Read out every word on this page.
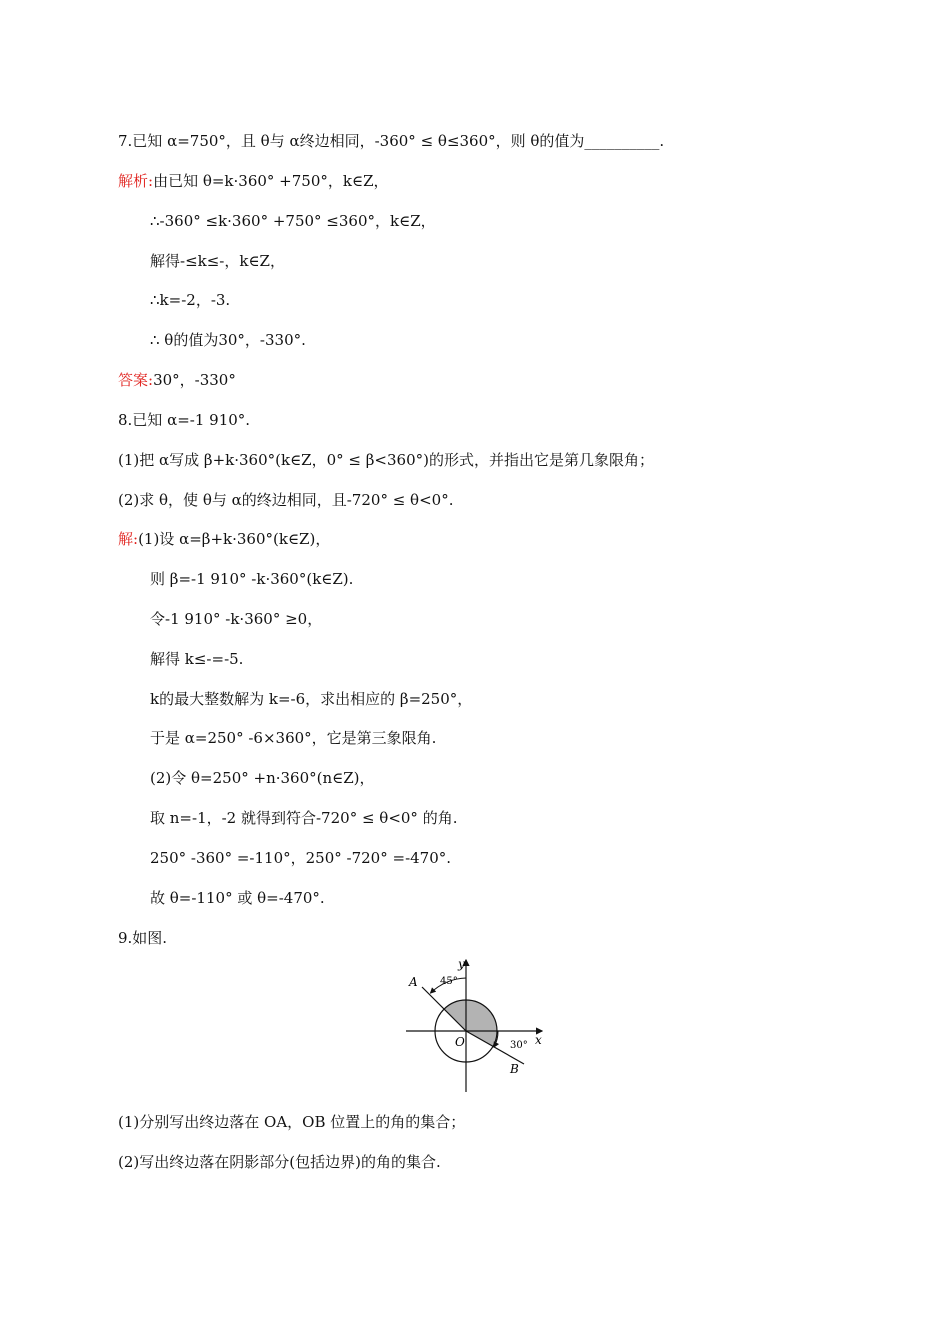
7.已知 α=750°，且 θ与 α终边相同，-360° ≤ θ≤360°，则 θ的值为__________.
解析:由已知 θ=k·360° +750°，k∈Z，
∴-360° ≤k·360° +750° ≤360°，k∈Z，
解得-≤k≤-，k∈Z，
∴k=-2，-3.
∴ θ的值为30°，-330°.
答案:30°，-330°
8.已知 α=-1 910°.
(1)把 α写成 β+k·360°(k∈Z，0° ≤ β<360°)的形式，并指出它是第几象限角；
(2)求 θ，使 θ与 α的终边相同，且-720° ≤ θ<0°.
解:(1)设 α=β+k·360°(k∈Z)，
则 β=-1 910° -k·360°(k∈Z).
令-1 910° -k·360° ≥0，
解得 k≤-=-5.
k的最大整数解为 k=-6，求出相应的 β=250°，
于是 α=250° -6×360°，它是第三象限角.
(2)令 θ=250° +n·360°(n∈Z)，
取 n=-1，-2 就得到符合-720° ≤ θ<0° 的角.
250° -360° =-110°，250° -720° =-470°.
故 θ=-110° 或 θ=-470°.
9.如图.
(1)分别写出终边落在 OA，OB 位置上的角的集合；
(2)写出终边落在阴影部分(包括边界)的角的集合.
A
B
O	x
y
45°
30°
